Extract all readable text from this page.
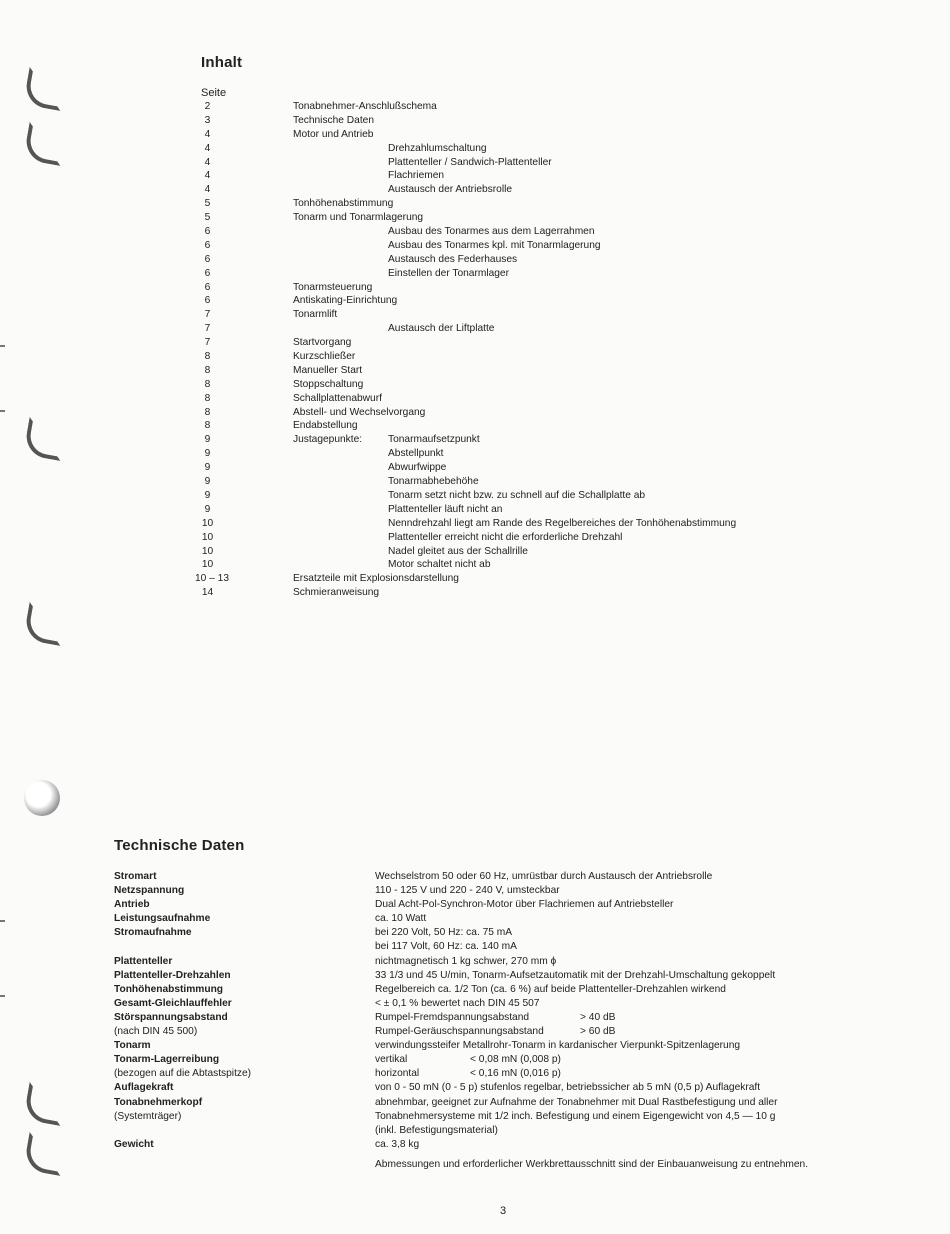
Inhalt
Seite
2	Tonabnehmer-Anschlußschema
3	Technische Daten
4	Motor und Antrieb
4	Drehzahlumschaltung
4	Plattenteller / Sandwich-Plattenteller
4	Flachriemen
4	Austausch der Antriebsrolle
5	Tonhöhenabstimmung
5	Tonarm und Tonarmlagerung
6	Ausbau des Tonarmes aus dem Lagerrahmen
6	Ausbau des Tonarmes kpl. mit Tonarmlagerung
6	Austausch des Federhauses
6	Einstellen der Tonarmlager
6	Tonarmsteuerung
6	Antiskating-Einrichtung
7	Tonarmlift
7	Austausch der Liftplatte
7	Startvorgang
8	Kurzschließer
8	Manueller Start
8	Stoppschaltung
8	Schallplattenabwurf
8	Abstell- und Wechselvorgang
8	Endabstellung
9	Justagepunkte:	Tonarmaufsetzpunkt
9	Abstellpunkt
9	Abwurfwippe
9	Tonarmabhebehöhe
9	Tonarm setzt nicht bzw. zu schnell auf die Schallplatte ab
9	Plattenteller läuft nicht an
10	Nenndrehzahl liegt am Rande des Regelbereiches der Tonhöhenabstimmung
10	Plattenteller erreicht nicht die erforderliche Drehzahl
10	Nadel gleitet aus der Schallrille
10	Motor schaltet nicht ab
10 – 13	Ersatzteile mit Explosionsdarstellung
14	Schmieranweisung
Technische Daten
Stromart	Wechselstrom 50 oder 60 Hz, umrüstbar durch Austausch der Antriebsrolle
Netzspannung	110 - 125 V und 220 - 240 V, umsteckbar
Antrieb	Dual Acht-Pol-Synchron-Motor über Flachriemen auf Antriebsteller
Leistungsaufnahme	ca. 10 Watt
Stromaufnahme	bei 220 Volt, 50 Hz: ca. 75 mA
bei 117 Volt, 60 Hz: ca. 140 mA
Plattenteller	nichtmagnetisch 1 kg schwer, 270 mm ϕ
Plattenteller-Drehzahlen	33 1/3 und 45 U/min, Tonarm-Aufsetzautomatik mit der Drehzahl-Umschaltung gekoppelt
Tonhöhenabstimmung	Regelbereich ca. 1/2 Ton (ca. 6 %) auf beide Plattenteller-Drehzahlen wirkend
Gesamt-Gleichlauffehler	< ± 0,1 % bewertet nach DIN 45 507
Störspannungsabstand	Rumpel-Fremdspannungsabstand	> 40 dB
(nach DIN 45 500)	Rumpel-Geräuschspannungsabstand	> 60 dB
Tonarm	verwindungssteifer Metallrohr-Tonarm in kardanischer Vierpunkt-Spitzenlagerung
Tonarm-Lagerreibung	vertikal	< 0,08 mN (0,008 p)
(bezogen auf die Abtastspitze)	horizontal	< 0,16 mN (0,016 p)
Auflagekraft	von 0 - 50 mN (0 - 5 p) stufenlos regelbar, betriebssicher ab 5 mN (0,5 p) Auflagekraft
Tonabnehmerkopf	abnehmbar, geeignet zur Aufnahme der Tonabnehmer mit Dual Rastbefestigung und aller
(Systemträger)	Tonabnehmersysteme mit 1/2 inch. Befestigung und einem Eigengewicht von 4,5 — 10 g
(inkl. Befestigungsmaterial)
Gewicht	ca. 3,8 kg
Abmessungen und erforderlicher Werkbrettausschnitt sind der Einbauanweisung zu entnehmen.
3
